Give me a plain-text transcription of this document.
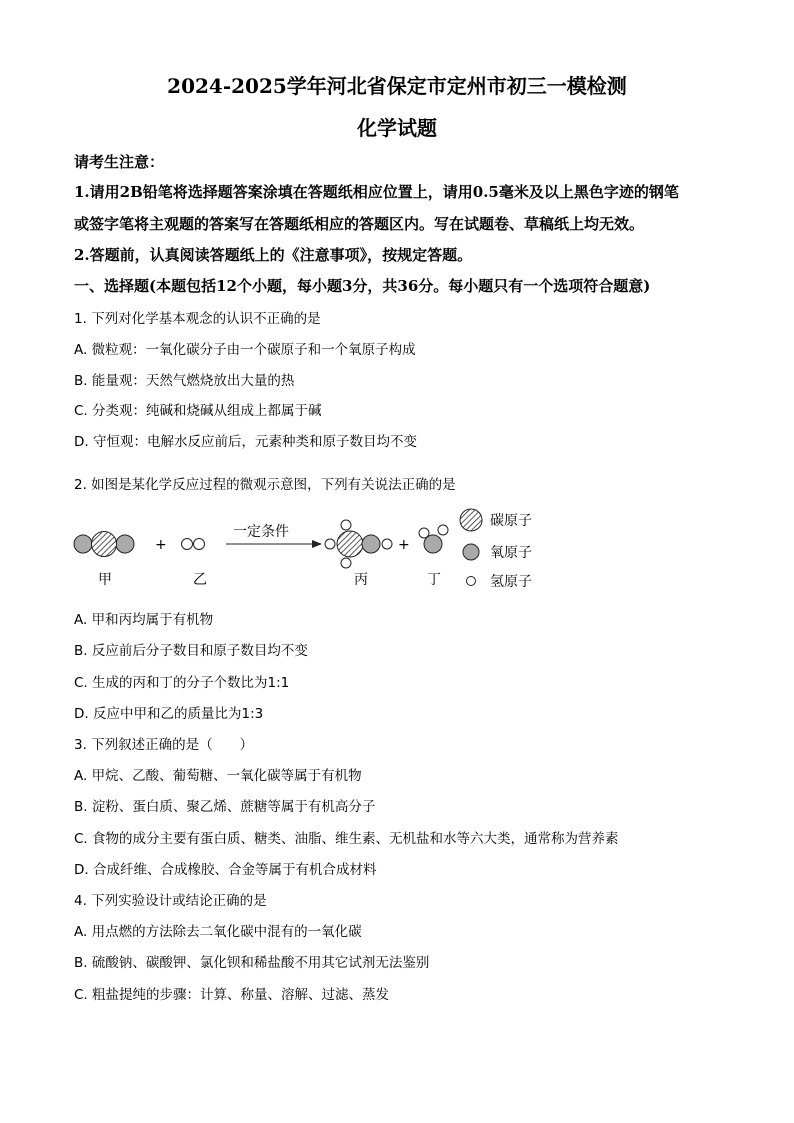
2024-2025学年河北省保定市定州市初三一模检测
化学试题
请考生注意：
1.请用2B铅笔将选择题答案涂填在答题纸相应位置上，请用0.5毫米及以上黑色字迹的钢笔
或签字笔将主观题的答案写在答题纸相应的答题区内。写在试题卷、草稿纸上均无效。
2.答题前，认真阅读答题纸上的《注意事项》，按规定答题。
一、选择题(本题包括12个小题，每小题3分，共36分。每小题只有一个选项符合题意)
1. 下列对化学基本观念的认识不正确的是
A. 微粒观：一氧化碳分子由一个碳原子和一个氧原子构成
B. 能量观：天然气燃烧放出大量的热
C. 分类观：纯碱和烧碱从组成上都属于碱
D. 守恒观：电解水反应前后，元素种类和原子数目均不变
2. 如图是某化学反应过程的微观示意图，下列有关说法正确的是
+
一定条件
+
甲	乙	丙	丁
碳原子
氧原子
氢原子
A. 甲和丙均属于有机物
B. 反应前后分子数目和原子数目均不变
C. 生成的丙和丁的分子个数比为1:1
D. 反应中甲和乙的质量比为1:3
3. 下列叙述正确的是（　　）
A. 甲烷、乙酸、葡萄糖、一氧化碳等属于有机物
B. 淀粉、蛋白质、聚乙烯、蔗糖等属于有机高分子
C. 食物的成分主要有蛋白质、糖类、油脂、维生素、无机盐和水等六大类，通常称为营养素
D. 合成纤维、合成橡胶、合金等属于有机合成材料
4. 下列实验设计或结论正确的是
A. 用点燃的方法除去二氧化碳中混有的一氧化碳
B. 硫酸钠、碳酸钾、氯化钡和稀盐酸不用其它试剂无法鉴别
C. 粗盐提纯的步骤：计算、称量、溶解、过滤、蒸发
